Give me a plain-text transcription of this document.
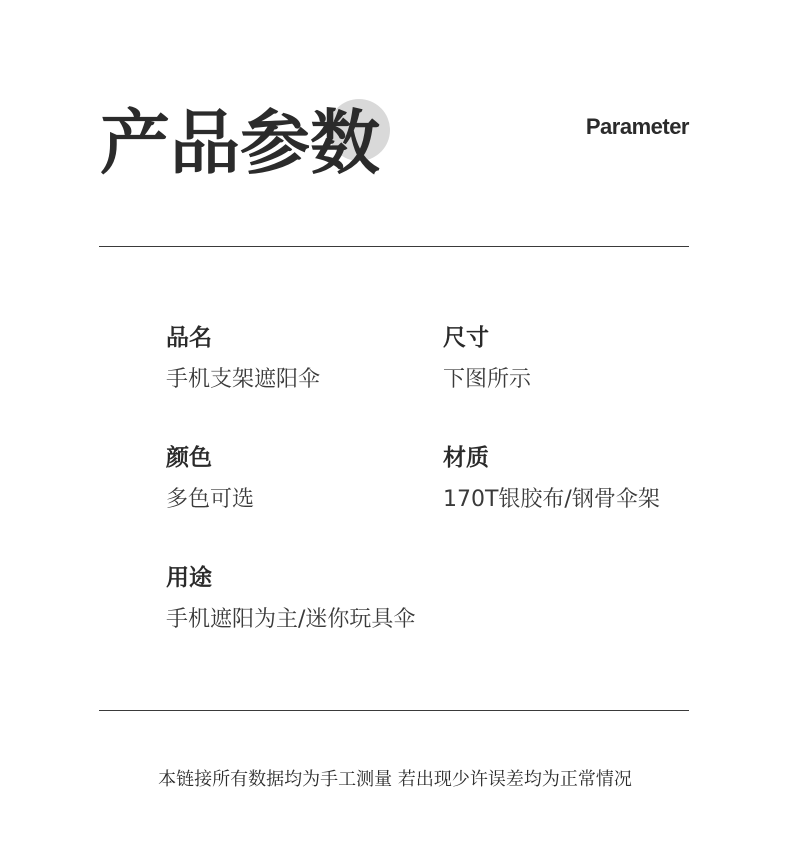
产品参数	Parameter
品名
手机支架遮阳伞
尺寸
下图所示
颜色
多色可选
材质
170T银胶布/钢骨伞架
用途
手机遮阳为主/迷你玩具伞
本链接所有数据均为手工测量 若出现少许误差均为正常情况
